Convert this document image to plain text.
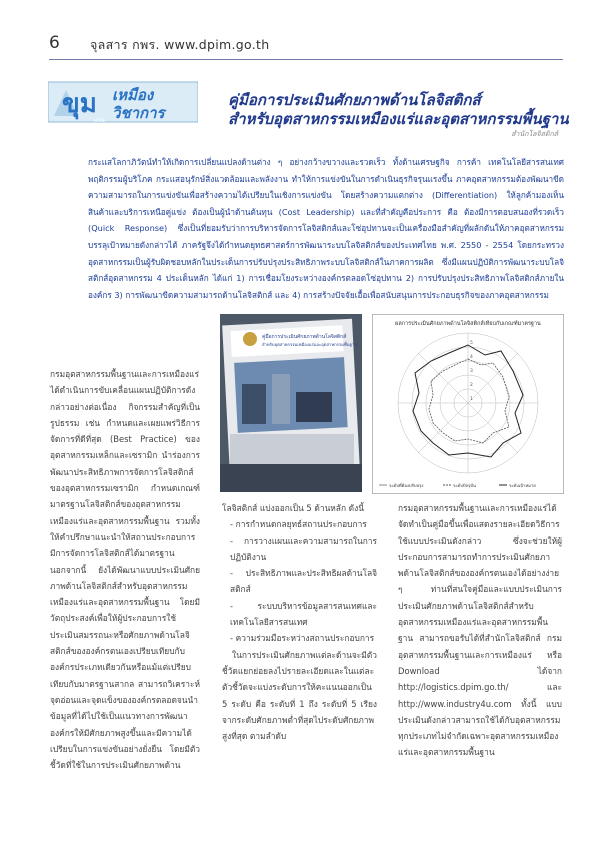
6 จุลสาร กพร. www.dpim.go.th
ขุม เหมือง
วิชาการ
แห่ง
คู่มือการประเมินศักยภาพด้านโลจิสติกส์
สำหรับอุตสาหกรรมเหมืองแร่และอุตสาหกรรมพื้นฐาน
สำนักโลจิสติกส์

กระแสโลกาภิวัตน์ทำให้เกิดการเปลี่ยนแปลงด้านต่าง ๆ อย่างกว้างขวางและรวดเร็ว ทั้งด้านเศรษฐกิจ การค้า เทคโนโลยีสารสนเทศ พฤติกรรมผู้บริโภค กระแสอนุรักษ์สิ่งแวดล้อมและพลังงาน ทำให้การแข่งขันในการดำเนินธุรกิจรุนแรงขึ้น ภาคอุตสาหกรรมต้องพัฒนาขีดความสามารถในการแข่งขันเพื่อสร้างความได้เปรียบในเชิงการแข่งขัน โดยสร้างความแตกต่าง (Differentiation) ให้ลูกค้ามองเห็นสินค้าและบริการเหนือคู่แข่ง ต้องเป็นผู้นำด้านต้นทุน (Cost Leadership) และที่สำคัญคือประการ คือ ต้องมีการตอบสนองที่รวดเร็ว (Quick Response) ซึ่งเป็นที่ยอมรับว่าการบริหารจัดการโลจิสติกส์และโซ่อุปทานจะเป็นเครื่องมือสำคัญที่ผลักดันให้ภาคอุตสาหกรรมบรรลุเป้าหมายดังกล่าวได้ ภาครัฐจึงได้กำหนดยุทธศาสตร์การพัฒนาระบบโลจิสติกส์ของประเทศไทย พ.ศ. 2550 - 2554 โดยกระทรวงอุตสาหกรรมเป็นผู้รับผิดชอบหลักในประเด็นการปรับปรุงประสิทธิภาพระบบโลจิสติกส์ในภาคการผลิต ซึ่งมีแผนปฏิบัติการพัฒนาระบบโลจิสติกส์อุตสาหกรรม 4 ประเด็นหลัก ได้แก่ 1) การเชื่อมโยงระหว่างองค์กรตลอดโซ่อุปทาน 2) การปรับปรุงประสิทธิภาพโลจิสติกส์ภายในองค์กร 3) การพัฒนาขีดความสามารถด้านโลจิสติกส์ และ 4) การสร้างปัจจัยเอื้อเพื่อสนับสนุนการประกอบธุรกิจของภาคอุตสาหกรรม

คู่มือการประเมินศักยภาพด้านโลจิสติกส์
สำหรับอุตสาหกรรมเหมืองแร่และอุตสาหกรรมพื้นฐาน
ผลการประเมินศักยภาพด้านโลจิสติกส์เทียบกับเกณฑ์มาตรฐาน
1
2
3
4
5
ระดับที่ต้องปรับปรุง	ระดับปัจจุบัน	ระดับเป้าหมาย

กรมอุตสาหกรรมพื้นฐานและการเหมืองแร่ ได้ดำเนินการขับเคลื่อนแผนปฏิบัติการดังกล่าวอย่างต่อเนื่อง กิจกรรมสำคัญที่เป็นรูปธรรม เช่น กำหนดและเผยแพร่วิธีการจัดการที่ดีที่สุด (Best Practice) ของอุตสาหกรรมเหล็กและเซรามิก นำร่องการพัฒนาประสิทธิภาพการจัดการโลจิสติกส์ของอุตสาหกรรมเซรามิก กำหนดเกณฑ์มาตรฐานโลจิสติกส์ของอุตสาหกรรมเหมืองแร่และอุตสาหกรรมพื้นฐาน รวมทั้งให้คำปรึกษาแนะนำให้สถานประกอบการมีการจัดการโลจิสติกส์ได้มาตรฐาน นอกจากนี้ ยังได้พัฒนาแบบประเมินศักยภาพด้านโลจิสติกส์สำหรับอุตสาหกรรมเหมืองแร่และอุตสาหกรรมพื้นฐาน โดยมีวัตถุประสงค์เพื่อให้ผู้ประกอบการใช้ประเมินสมรรถนะหรือศักยภาพด้านโลจิสติกส์ขององค์กรตนเองเปรียบเทียบกับองค์กรประเภทเดียวกันหรือแม้แต่เปรียบเทียบกับมาตรฐานสากล สามารถวิเคราะห์จุดอ่อนและจุดแข็งขององค์กรตลอดจนนำข้อมูลที่ได้ไปใช้เป็นแนวทางการพัฒนาองค์กรให้มีศักยภาพสูงขึ้นและมีความได้เปรียบในการแข่งขันอย่างยั่งยืน โดยมีตัวชี้วัดที่ใช้ในการประเมินศักยภาพด้าน

โลจิสติกส์ แบ่งออกเป็น 5 ด้านหลัก ดังนี้

- การกำหนดกลยุทธ์สถานประกอบการ
- การวางแผนและความสามารถในการปฏิบัติงาน
- ประสิทธิภาพและประสิทธิผลด้านโลจิสติกส์
- ระบบบริหารข้อมูลสารสนเทศและเทคโนโลยีสารสนเทศ
- ความร่วมมือระหว่างสถานประกอบการ

ในการประเมินศักยภาพแต่ละด้านจะมีตัวชี้วัดแยกย่อยลงไปรายละเอียดและในแต่ละตัวชี้วัดจะแบ่งระดับการให้คะแนนออกเป็น 5 ระดับ คือ ระดับที่ 1 ถึง ระดับที่ 5 เรียงจากระดับศักยภาพต่ำที่สุดไประดับศักยภาพสูงที่สุด ตามลำดับ

กรมอุตสาหกรรมพื้นฐานและการเหมืองแร่ได้จัดทำเป็นคู่มือขึ้นเพื่อแสดงรายละเอียดวิธีการใช้แบบประเมินดังกล่าว ซึ่งจะช่วยให้ผู้ประกอบการสามารถทำการประเมินศักยภาพด้านโลจิสติกส์ขององค์กรตนเองได้อย่างง่าย ๆ ท่านที่สนใจคู่มือและแบบประเมินการประเมินศักยภาพด้านโลจิสติกส์สำหรับอุตสาหกรรมเหมืองแร่และอุตสาหกรรมพื้นฐาน สามารถขอรับได้ที่สำนักโลจิสติกส์ กรมอุตสาหกรรมพื้นฐานและการเหมืองแร่ หรือ Download ได้จาก http://logistics.dpim.go.th/ และ http://www.industry4u.com ทั้งนี้ แบบประเมินดังกล่าวสามารถใช้ได้กับอุตสาหกรรมทุกประเภทไม่จำกัดเฉพาะอุตสาหกรรมเหมืองแร่และอุตสาหกรรมพื้นฐาน
